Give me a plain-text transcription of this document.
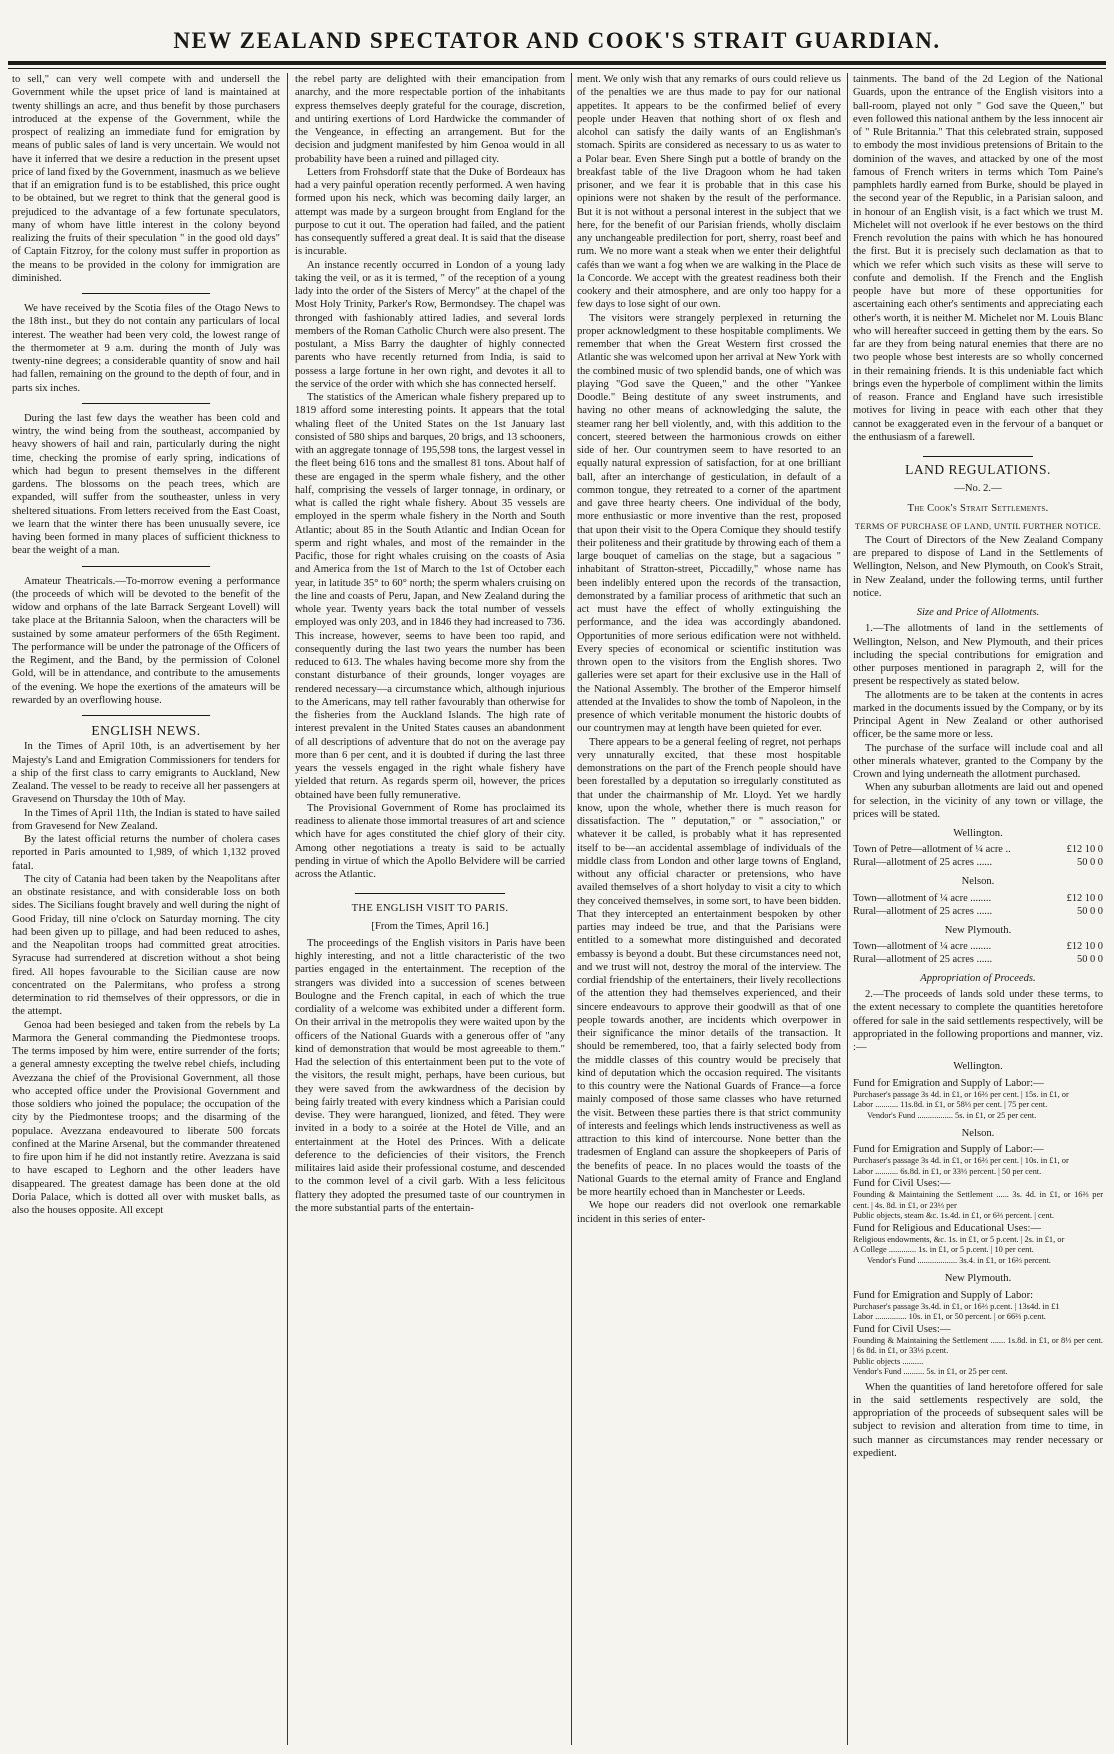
NEW ZEALAND SPECTATOR AND COOK'S STRAIT GUARDIAN.

to sell," can very well compete with and undersell the Government while the upset price of land is maintained at twenty shillings an acre, and thus benefit by those purchasers introduced at the expense of the Government, while the prospect of realizing an immediate fund for emigration by means of public sales of land is very uncertain. We would not have it inferred that we desire a reduction in the present upset price of land fixed by the Government, inasmuch as we believe that if an emigration fund is to be established, this price ought to be obtained, but we regret to think that the general good is prejudiced to the advantage of a few fortunate speculators, many of whom have little interest in the colony beyond realizing the fruits of their speculation " in the good old days" of Captain Fitzroy, for the colony must suffer in proportion as the means to be provided in the colony for immigration are diminished.

We have received by the Scotia files of the Otago News to the 18th inst., but they do not contain any particulars of local interest. The weather had been very cold, the lowest range of the thermometer at 9 a.m. during the month of July was twenty-nine degrees; a considerable quantity of snow and hail had fallen, remaining on the ground to the depth of four, and in parts six inches.

During the last few days the weather has been cold and wintry, the wind being from the southeast, accompanied by heavy showers of hail and rain, particularly during the night time, checking the promise of early spring, indications of which had begun to present themselves in the different gardens. The blossoms on the peach trees, which are expanded, will suffer from the southeaster, unless in very sheltered situations. From letters received from the East Coast, we learn that the winter there has been unusually severe, ice having been formed in many places of sufficient thickness to bear the weight of a man.

Amateur Theatricals.—To-morrow evening a performance (the proceeds of which will be devoted to the benefit of the widow and orphans of the late Barrack Sergeant Lovell) will take place at the Britannia Saloon, when the characters will be sustained by some amateur performers of the 65th Regiment. The performance will be under the patronage of the Officers of the Regiment, and the Band, by the permission of Colonel Gold, will be in attendance, and contribute to the amusements of the evening. We hope the exertions of the amateurs will be rewarded by an overflowing house.

ENGLISH NEWS.

In the Times of April 10th, is an advertisement by her Majesty's Land and Emigration Commissioners for tenders for a ship of the first class to carry emigrants to Auckland, New Zealand. The vessel to be ready to receive all her passengers at Gravesend on Thursday the 10th of May.

In the Times of April 11th, the Indian is stated to have sailed from Gravesend for New Zealand.

By the latest official returns the number of cholera cases reported in Paris amounted to 1,989, of which 1,132 proved fatal.

The city of Catania had been taken by the Neapolitans after an obstinate resistance, and with considerable loss on both sides. The Sicilians fought bravely and well during the night of Good Friday, till nine o'clock on Saturday morning. The city had been given up to pillage, and had been reduced to ashes, and the Neapolitan troops had committed great atrocities. Syracuse had surrendered at discretion without a shot being fired. All hopes favourable to the Sicilian cause are now concentrated on the Palermitans, who profess a strong determination to rid themselves of their oppressors, or die in the attempt.

Genoa had been besieged and taken from the rebels by La Marmora the General commanding the Piedmontese troops. The terms imposed by him were, entire surrender of the forts; a general amnesty excepting the twelve rebel chiefs, including Avezzana the chief of the Provisional Government, all those who accepted office under the Provisional Government and those soldiers who joined the populace; the occupation of the city by the Piedmontese troops; and the disarming of the populace. Avezzana endeavoured to liberate 500 forcats confined at the Marine Arsenal, but the commander threatened to fire upon him if he did not instantly retire. Avezzana is said to have escaped to Leghorn and the other leaders have disappeared. The greatest damage has been done at the old Doria Palace, which is dotted all over with musket balls, as also the houses opposite. All except

the rebel party are delighted with their emancipation from anarchy, and the more respectable portion of the inhabitants express themselves deeply grateful for the courage, discretion, and untiring exertions of Lord Hardwicke the commander of the Vengeance, in effecting an arrangement. But for the decision and judgment manifested by him Genoa would in all probability have been a ruined and pillaged city.

Letters from Frohsdorff state that the Duke of Bordeaux has had a very painful operation recently performed. A wen having formed upon his neck, which was becoming daily larger, an attempt was made by a surgeon brought from England for the purpose to cut it out. The operation had failed, and the patient has consequently suffered a great deal. It is said that the disease is incurable.

An instance recently occurred in London of a young lady taking the veil, or as it is termed, " of the reception of a young lady into the order of the Sisters of Mercy" at the chapel of the Most Holy Trinity, Parker's Row, Bermondsey. The chapel was thronged with fashionably attired ladies, and several lords members of the Roman Catholic Church were also present. The postulant, a Miss Barry the daughter of highly connected parents who have recently returned from India, is said to possess a large fortune in her own right, and devotes it all to the service of the order with which she has connected herself.

The statistics of the American whale fishery prepared up to 1819 afford some interesting points. It appears that the total whaling fleet of the United States on the 1st January last consisted of 580 ships and barques, 20 brigs, and 13 schooners, with an aggregate tonnage of 195,598 tons, the largest vessel in the fleet being 616 tons and the smallest 81 tons. About half of these are engaged in the sperm whale fishery, and the other half, comprising the vessels of larger tonnage, in ordinary, or what is called the right whale fishery. About 35 vessels are employed in the sperm whale fishery in the North and South Atlantic; about 85 in the South Atlantic and Indian Ocean for sperm and right whales, and most of the remainder in the Pacific, those for right whales cruising on the coasts of Asia and America from the 1st of March to the 1st of October each year, in latitude 35° to 60° north; the sperm whalers cruising on the line and coasts of Peru, Japan, and New Zealand during the whole year. Twenty years back the total number of vessels employed was only 203, and in 1846 they had increased to 736. This increase, however, seems to have been too rapid, and consequently during the last two years the number has been reduced to 613. The whales having become more shy from the constant disturbance of their grounds, longer voyages are rendered necessary—a circumstance which, although injurious to the Americans, may tell rather favourably than otherwise for the fisheries from the Auckland Islands. The high rate of interest prevalent in the United States causes an abandonment of all descriptions of adventure that do not on the average pay more than 6 per cent, and it is doubted if during the last three years the vessels engaged in the right whale fishery have yielded that return. As regards sperm oil, however, the prices obtained have been fully remunerative.

The Provisional Government of Rome has proclaimed its readiness to alienate those immortal treasures of art and science which have for ages constituted the chief glory of their city. Among other negotiations a treaty is said to be actually pending in virtue of which the Apollo Belvidere will be carried across the Atlantic.

THE ENGLISH VISIT TO PARIS.
[From the Times, April 16.]

The proceedings of the English visitors in Paris have been highly interesting, and not a little characteristic of the two parties engaged in the entertainment. The reception of the strangers was divided into a succession of scenes between Boulogne and the French capital, in each of which the true cordiality of a welcome was exhibited under a different form. On their arrival in the metropolis they were waited upon by the officers of the National Guards with a generous offer of "any kind of demonstration that would be most agreeable to them." Had the selection of this entertainment been put to the vote of the visitors, the result might, perhaps, have been curious, but they were saved from the awkwardness of the decision by being fairly treated with every kindness which a Parisian could devise. They were harangued, lionized, and fêted. They were invited in a body to a soirée at the Hotel de Ville, and an entertainment at the Hotel des Princes. With a delicate deference to the deficiencies of their visitors, the French militaires laid aside their professional costume, and descended to the common level of a civil garb. With a less felicitous flattery they adopted the presumed taste of our countrymen in the more substantial parts of the entertain-

ment. We only wish that any remarks of ours could relieve us of the penalties we are thus made to pay for our national appetites. It appears to be the confirmed belief of every people under Heaven that nothing short of ox flesh and alcohol can satisfy the daily wants of an Englishman's stomach. Spirits are considered as necessary to us as water to a Polar bear. Even Shere Singh put a bottle of brandy on the breakfast table of the live Dragoon whom he had taken prisoner, and we fear it is probable that in this case his opinions were not shaken by the result of the performance. But it is not without a personal interest in the subject that we here, for the benefit of our Parisian friends, wholly disclaim any unchangeable predilection for port, sherry, roast beef and rum. We no more want a steak when we enter their delightful cafés than we want a fog when we are walking in the Place de la Concorde. We accept with the greatest readiness both their cookery and their atmosphere, and are only too happy for a few days to lose sight of our own.

The visitors were strangely perplexed in returning the proper acknowledgment to these hospitable compliments. We remember that when the Great Western first crossed the Atlantic she was welcomed upon her arrival at New York with the combined music of two splendid bands, one of which was playing "God save the Queen," and the other "Yankee Doodle." Being destitute of any sweet instruments, and having no other means of acknowledging the salute, the steamer rang her bell violently, and, with this addition to the concert, steered between the harmonious crowds on either side of her. Our countrymen seem to have resorted to an equally natural expression of satisfaction, for at one brilliant ball, after an interchange of gesticulation, in default of a common tongue, they retreated to a corner of the apartment and gave three hearty cheers. One individual of the body, more enthusiastic or more inventive than the rest, proposed that upon their visit to the Opera Comique they should testify their politeness and their gratitude by throwing each of them a large bouquet of camelias on the stage, but a sagacious " inhabitant of Stratton-street, Piccadilly," whose name has been indelibly entered upon the records of the transaction, demonstrated by a familiar process of arithmetic that such an act must have the effect of wholly extinguishing the performance, and the idea was accordingly abandoned. Opportunities of more serious edification were not withheld. Every species of economical or scientific institution was thrown open to the visitors from the English shores. Two galleries were set apart for their exclusive use in the Hall of the National Assembly. The brother of the Emperor himself attended at the Invalides to show the tomb of Napoleon, in the presence of which veritable monument the historic doubts of our countrymen may at length have been quieted for ever.

There appears to be a general feeling of regret, not perhaps very unnaturally excited, that these most hospitable demonstrations on the part of the French people should have been forestalled by a deputation so irregularly constituted as that under the chairmanship of Mr. Lloyd. Yet we hardly know, upon the whole, whether there is much reason for dissatisfaction. The " deputation," or " association," or whatever it be called, is probably what it has represented itself to be—an accidental assemblage of individuals of the middle class from London and other large towns of England, without any official character or pretensions, who have availed themselves of a short holyday to visit a city to which they conceived themselves, in some sort, to have been bidden. That they intercepted an entertainment bespoken by other parties may indeed be true, and that the Parisians were entitled to a somewhat more distinguished and decorated embassy is beyond a doubt. But these circumstances need not, and we trust will not, destroy the moral of the interview. The cordial friendship of the entertainers, their lively recollections of the attention they had themselves experienced, and their sincere endeavours to approve their goodwill as that of one people towards another, are incidents which overpower in their significance the minor details of the transaction. It should be remembered, too, that a fairly selected body from the middle classes of this country would be precisely that kind of deputation which the occasion required. The visitants to this country were the National Guards of France—a force mainly composed of those same classes who have returned the visit. Between these parties there is that strict community of interests and feelings which lends instructiveness as well as attraction to this kind of intercourse. None better than the tradesmen of England can assure the shopkeepers of Paris of the benefits of peace. In no places would the toasts of the National Guards to the eternal amity of France and England be more heartily echoed than in Manchester or Leeds.

We hope our readers did not overlook one remarkable incident in this series of enter-

tainments. The band of the 2d Legion of the National Guards, upon the entrance of the English visitors into a ball-room, played not only " God save the Queen," but even followed this national anthem by the less innocent air of " Rule Britannia." That this celebrated strain, supposed to embody the most invidious pretensions of Britain to the dominion of the waves, and attacked by one of the most famous of French writers in terms which Tom Paine's pamphlets hardly earned from Burke, should be played in the second year of the Republic, in a Parisian saloon, and in honour of an English visit, is a fact which we trust M. Michelet will not overlook if he ever bestows on the third French revolution the pains with which he has honoured the first. But it is precisely such declamation as that to which we refer which such visits as these will serve to confute and demolish. If the French and the English people have but more of these opportunities for ascertaining each other's sentiments and appreciating each other's worth, it is neither M. Michelet nor M. Louis Blanc who will hereafter succeed in getting them by the ears. So far are they from being natural enemies that there are no two people whose best interests are so wholly concerned in their remaining friends. It is this undeniable fact which brings even the hyperbole of compliment within the limits of reason. France and England have such irresistible motives for living in peace with each other that they cannot be exaggerated even in the fervour of a banquet or the enthusiasm of a farewell.

LAND REGULATIONS.
—No. 2.—
The Cook's Strait Settlements.
TERMS OF PURCHASE OF LAND, UNTIL FURTHER NOTICE.

The Court of Directors of the New Zealand Company are prepared to dispose of Land in the Settlements of Wellington, Nelson, and New Plymouth, on Cook's Strait, in New Zealand, under the following terms, until further notice.

Size and Price of Allotments.

1.—The allotments of land in the settlements of Wellington, Nelson, and New Plymouth, and their prices including the special contributions for emigration and other purposes mentioned in paragraph 2, will for the present be respectively as stated below.

The allotments are to be taken at the contents in acres marked in the documents issued by the Company, or by its Principal Agent in New Zealand or other authorised officer, be the same more or less.

The purchase of the surface will include coal and all other minerals whatever, granted to the Company by the Crown and lying underneath the allotment purchased.

When any suburban allotments are laid out and opened for selection, in the vicinity of any town or village, the prices will be stated.

Wellington.
Town of Petre—allotment of ¼ acre ..	£12 10 0
Rural—allotment of 25 acres ......	50 0 0
Nelson.
Town—allotment of ¼ acre ........	£12 10 0
Rural—allotment of 25 acres ......	50 0 0
New Plymouth.
Town—allotment of ¼ acre ........	£12 10 0
Rural—allotment of 25 acres ......	50 0 0
Appropriation of Proceeds.

2.—The proceeds of lands sold under these terms, to the extent necessary to complete the quantities heretofore offered for sale in the said settlements respectively, will be appropriated in the following proportions and manner, viz. :—

Wellington.
Fund for Emigration and Supply of Labor:—
Purchaser's passage 3s 4d. in £1, or 16⅔ per cent. | 15s. in £1, or
Labor ........... 11s.8d. in £1, or 58⅓ per cent. | 75 per cent.
Vendor's Fund ................. 5s. in £1, or 25 per cent.
Nelson.
Fund for Emigration and Supply of Labor:—
Purchaser's passage 3s 4d. in £1, or 16⅔ per cent. | 10s. in £1, or
Labor ........... 6s.8d. in £1, or 33⅓ percent. | 50 per cent.
Fund for Civil Uses:—
Founding & Maintaining the Settlement ...... 3s. 4d. in £1, or 16⅔ per cent. | 4s. 8d. in £1, or 23⅓ per
Public objects, steam &c. 1s.4d. in £1, or 6⅔ percent. | cent.
Fund for Religious and Educational Uses:—
Religious endowments, &c. 1s. in £1, or 5 p.cent. | 2s. in £1, or
A College ............. 1s. in £1, or 5 p.cent. | 10 per cent.
Vendor's Fund ................... 3s.4. in £1, or 16⅔ percent.
New Plymouth.
Fund for Emigration and Supply of Labor:
Purchaser's passage 3s.4d. in £1, or 16⅔ p.cent. | 13s4d. in £1
Labor ............... 10s. in £1, or 50 percent. | or 66⅔ p.cent.
Fund for Civil Uses:—
Founding & Maintaining the Settlement ....... 1s.8d. in £1, or 8⅓ per cent. | 6s 8d. in £1, or 33⅓ p.cent.
Public objects ..........
Vendor's Fund .......... 5s. in £1, or 25 per cent.

When the quantities of land heretofore offered for sale in the said settlements respectively are sold, the appropriation of the proceeds of subsequent sales will be subject to revision and alteration from time to time, in such manner as circumstances may render necessary or expedient.
